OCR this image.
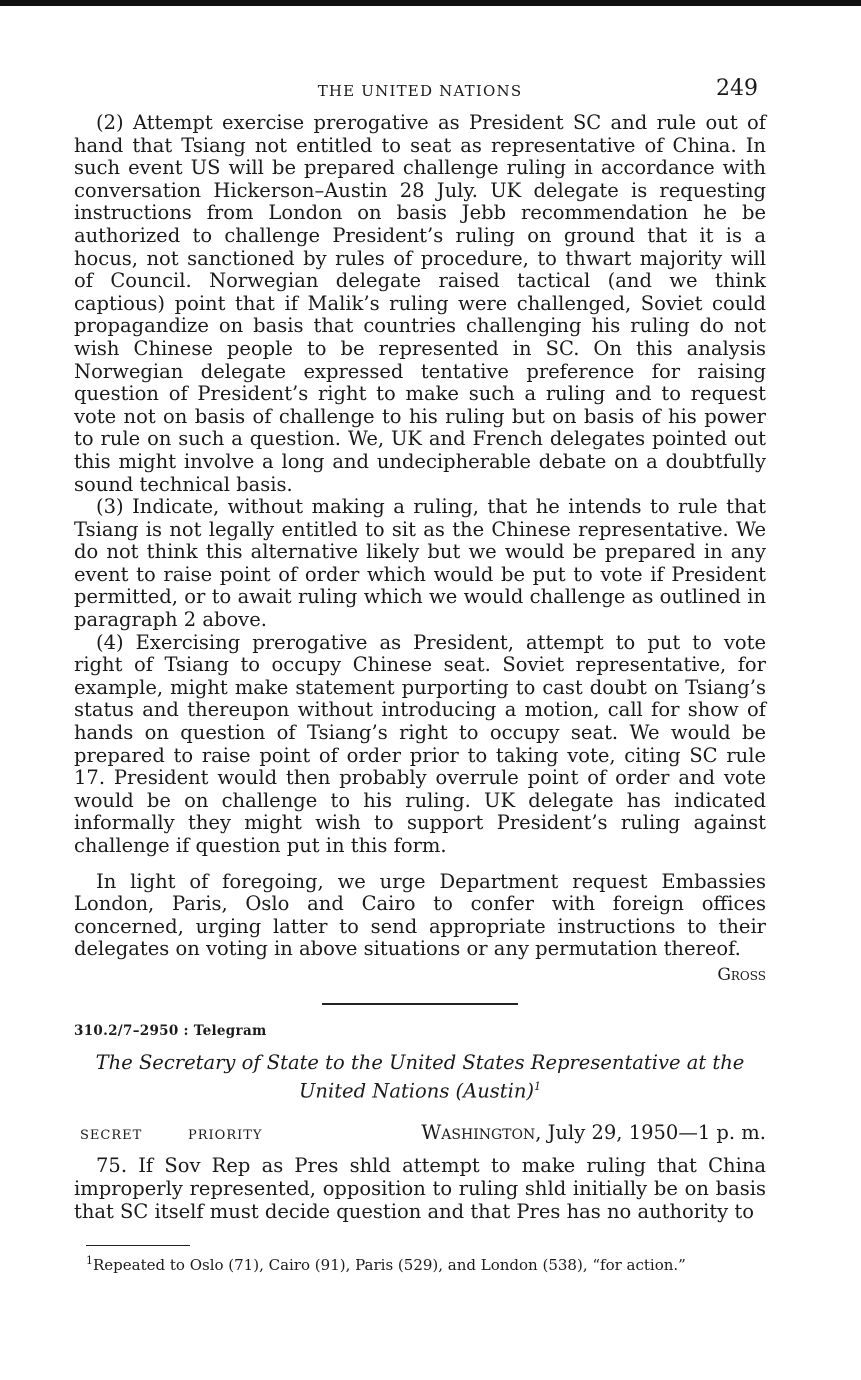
THE UNITED NATIONS	249

(2) Attempt exercise prerogative as President SC and rule out of hand that Tsiang not entitled to seat as representative of China. In such event US will be prepared challenge ruling in accordance with conversation Hickerson–Austin 28 July. UK delegate is requesting instructions from London on basis Jebb recommendation he be authorized to challenge President’s ruling on ground that it is a hocus, not sanctioned by rules of procedure, to thwart majority will of Council. Norwegian delegate raised tactical (and we think captious) point that if Malik’s ruling were challenged, Soviet could propagandize on basis that countries challenging his ruling do not wish Chinese people to be represented in SC. On this analysis Norwegian delegate expressed tentative preference for raising question of President’s right to make such a ruling and to request vote not on basis of challenge to his ruling but on basis of his power to rule on such a question. We, UK and French delegates pointed out this might involve a long and undecipherable debate on a doubtfully sound technical basis.

(3) Indicate, without making a ruling, that he intends to rule that Tsiang is not legally entitled to sit as the Chinese representative. We do not think this alternative likely but we would be prepared in any event to raise point of order which would be put to vote if President permitted, or to await ruling which we would challenge as outlined in paragraph 2 above.

(4) Exercising prerogative as President, attempt to put to vote right of Tsiang to occupy Chinese seat. Soviet representative, for example, might make statement purporting to cast doubt on Tsiang’s status and thereupon without introducing a motion, call for show of hands on question of Tsiang’s right to occupy seat. We would be prepared to raise point of order prior to taking vote, citing SC rule 17. President would then probably overrule point of order and vote would be on challenge to his ruling. UK delegate has indicated informally they might wish to support President’s ruling against challenge if question put in this form.

In light of foregoing, we urge Department request Embassies London, Paris, Oslo and Cairo to confer with foreign offices concerned, urging latter to send appropriate instructions to their delegates on voting in above situations or any permutation thereof.

Gross
310.2/7–2950 : Telegram
The Secretary of State to the United States Representative at the United Nations (Austin)$^1$
SECRET	PRIORITY	Washington, July 29, 1950—1 p. m.

75. If Sov Rep as Pres shld attempt to make ruling that China improperly represented, opposition to ruling shld initially be on basis that SC itself must decide question and that Pres has no authority to

$^1$Repeated to Oslo (71), Cairo (91), Paris (529), and London (538), “for action.”
